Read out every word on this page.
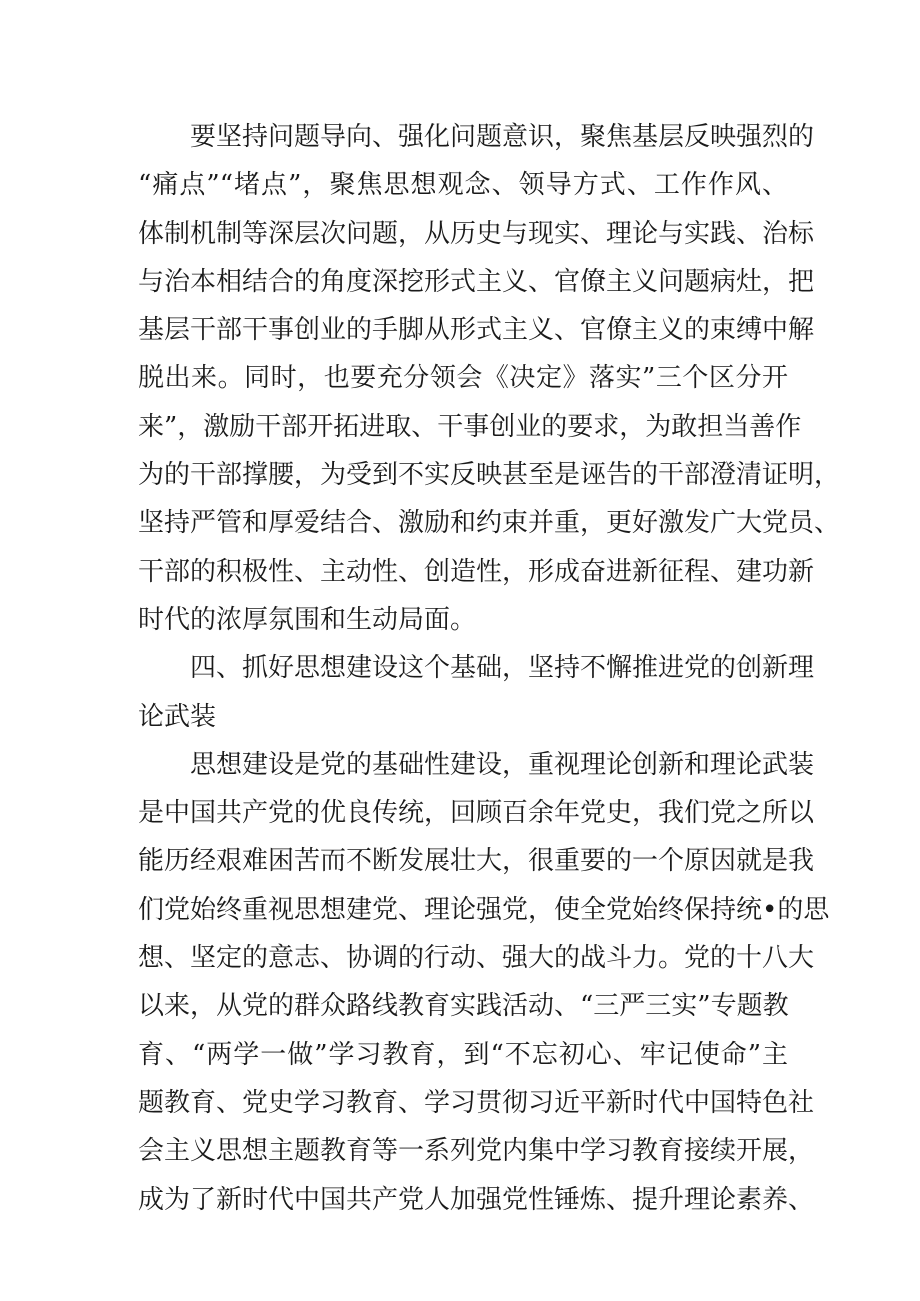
要坚持问题导向、强化问题意识，聚焦基层反映强烈的
“痛点”“堵点”，聚焦思想观念、领导方式、工作作风、
体制机制等深层次问题，从历史与现实、理论与实践、治标
与治本相结合的角度深挖形式主义、官僚主义问题病灶，把
基层干部干事创业的手脚从形式主义、官僚主义的束缚中解
脱出来。同时，也要充分领会《决定》落实”三个区分开
来”，激励干部开拓进取、干事创业的要求，为敢担当善作
为的干部撑腰，为受到不实反映甚至是诬告的干部澄清证明，
坚持严管和厚爱结合、激励和约束并重，更好激发广大党员、
干部的积极性、主动性、创造性，形成奋进新征程、建功新
时代的浓厚氛围和生动局面。
四、抓好思想建设这个基础，坚持不懈推进党的创新理
论武装
思想建设是党的基础性建设，重视理论创新和理论武装
是中国共产党的优良传统，回顾百余年党史，我们党之所以
能历经艰难困苦而不断发展壮大，很重要的一个原因就是我
们党始终重视思想建党、理论强党，使全党始终保持统•的思
想、坚定的意志、协调的行动、强大的战斗力。党的十八大
以来，从党的群众路线教育实践活动、“三严三实”专题教
育、“两学一做”学习教育，到“不忘初心、牢记使命”主
题教育、党史学习教育、学习贯彻习近平新时代中国特色社
会主义思想主题教育等一系列党内集中学习教育接续开展，
成为了新时代中国共产党人加强党性锤炼、提升理论素养、
